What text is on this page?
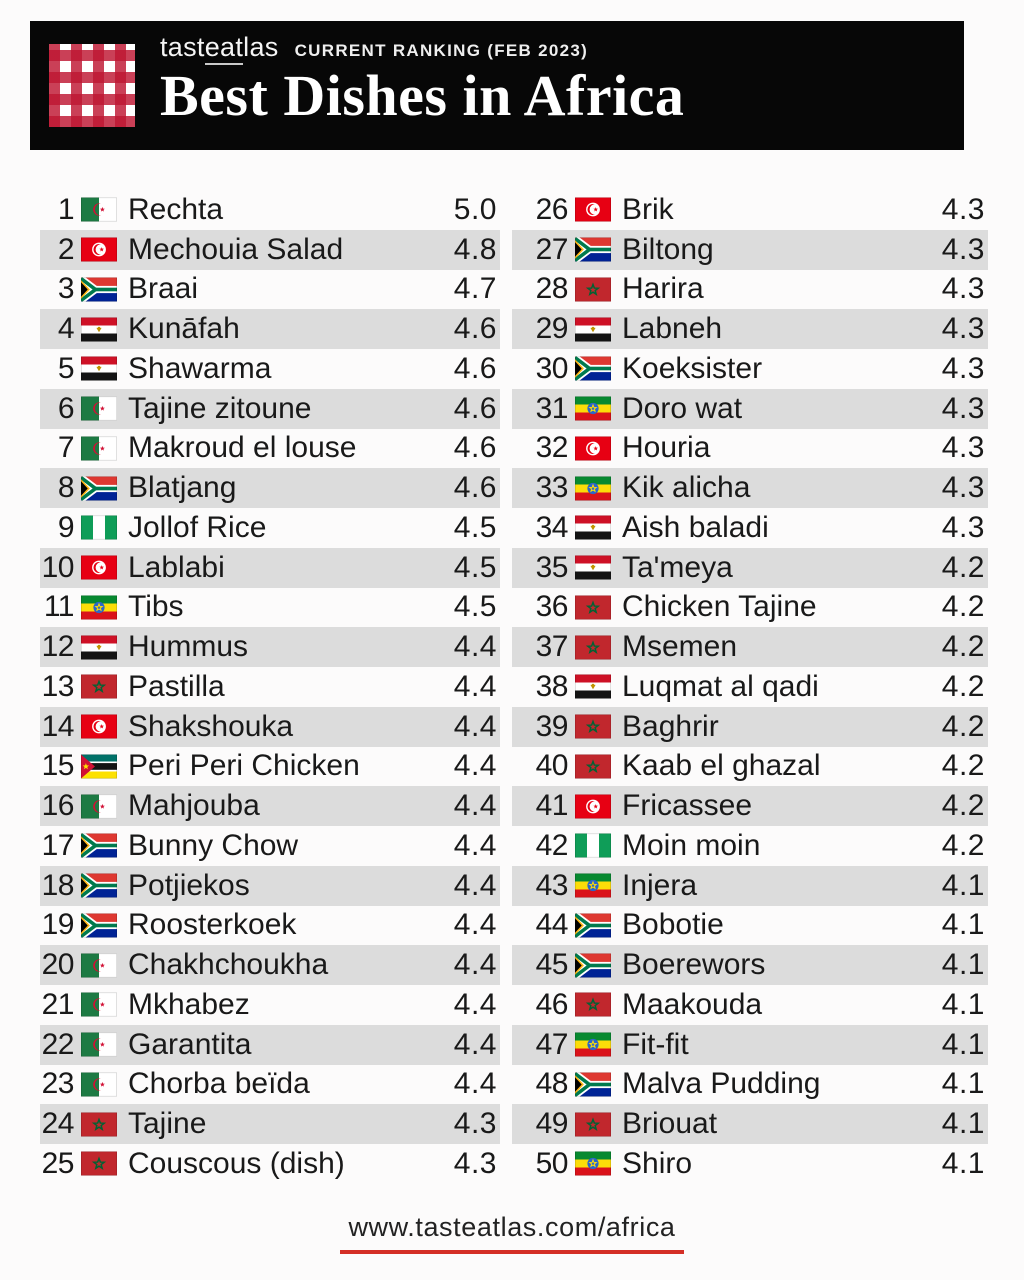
tasteatlas CURRENT RANKING (FEB 2023)
Best Dishes in Africa
1 Rechta	5.0
2 Mechouia Salad	4.8
3 Braai	4.7
4 Kunāfah	4.6
5 Shawarma	4.6
6 Tajine zitoune	4.6
7 Makroud el louse	4.6
8 Blatjang	4.6
9 Jollof Rice	4.5
10 Lablabi	4.5
11 Tibs	4.5
12 Hummus	4.4
13 Pastilla	4.4
14 Shakshouka	4.4
15 Peri Peri Chicken	4.4
16 Mahjouba	4.4
17 Bunny Chow	4.4
18 Potjiekos	4.4
19 Roosterkoek	4.4
20 Chakhchoukha	4.4
21 Mkhabez	4.4
22 Garantita	4.4
23 Chorba beïda	4.4
24 Tajine	4.3
25 Couscous (dish)	4.3
26 Brik	4.3
27 Biltong	4.3
28 Harira	4.3
29 Labneh	4.3
30 Koeksister	4.3
31 Doro wat	4.3
32 Houria	4.3
33 Kik alicha	4.3
34 Aish baladi	4.3
35 Ta'meya	4.2
36 Chicken Tajine	4.2
37 Msemen	4.2
38 Luqmat al qadi	4.2
39 Baghrir	4.2
40 Kaab el ghazal	4.2
41 Fricassee	4.2
42 Moin moin	4.2
43 Injera	4.1
44 Bobotie	4.1
45 Boerewors	4.1
46 Maakouda	4.1
47 Fit-fit	4.1
48 Malva Pudding	4.1
49 Briouat	4.1
50 Shiro	4.1
www.tasteatlas.com/africa
